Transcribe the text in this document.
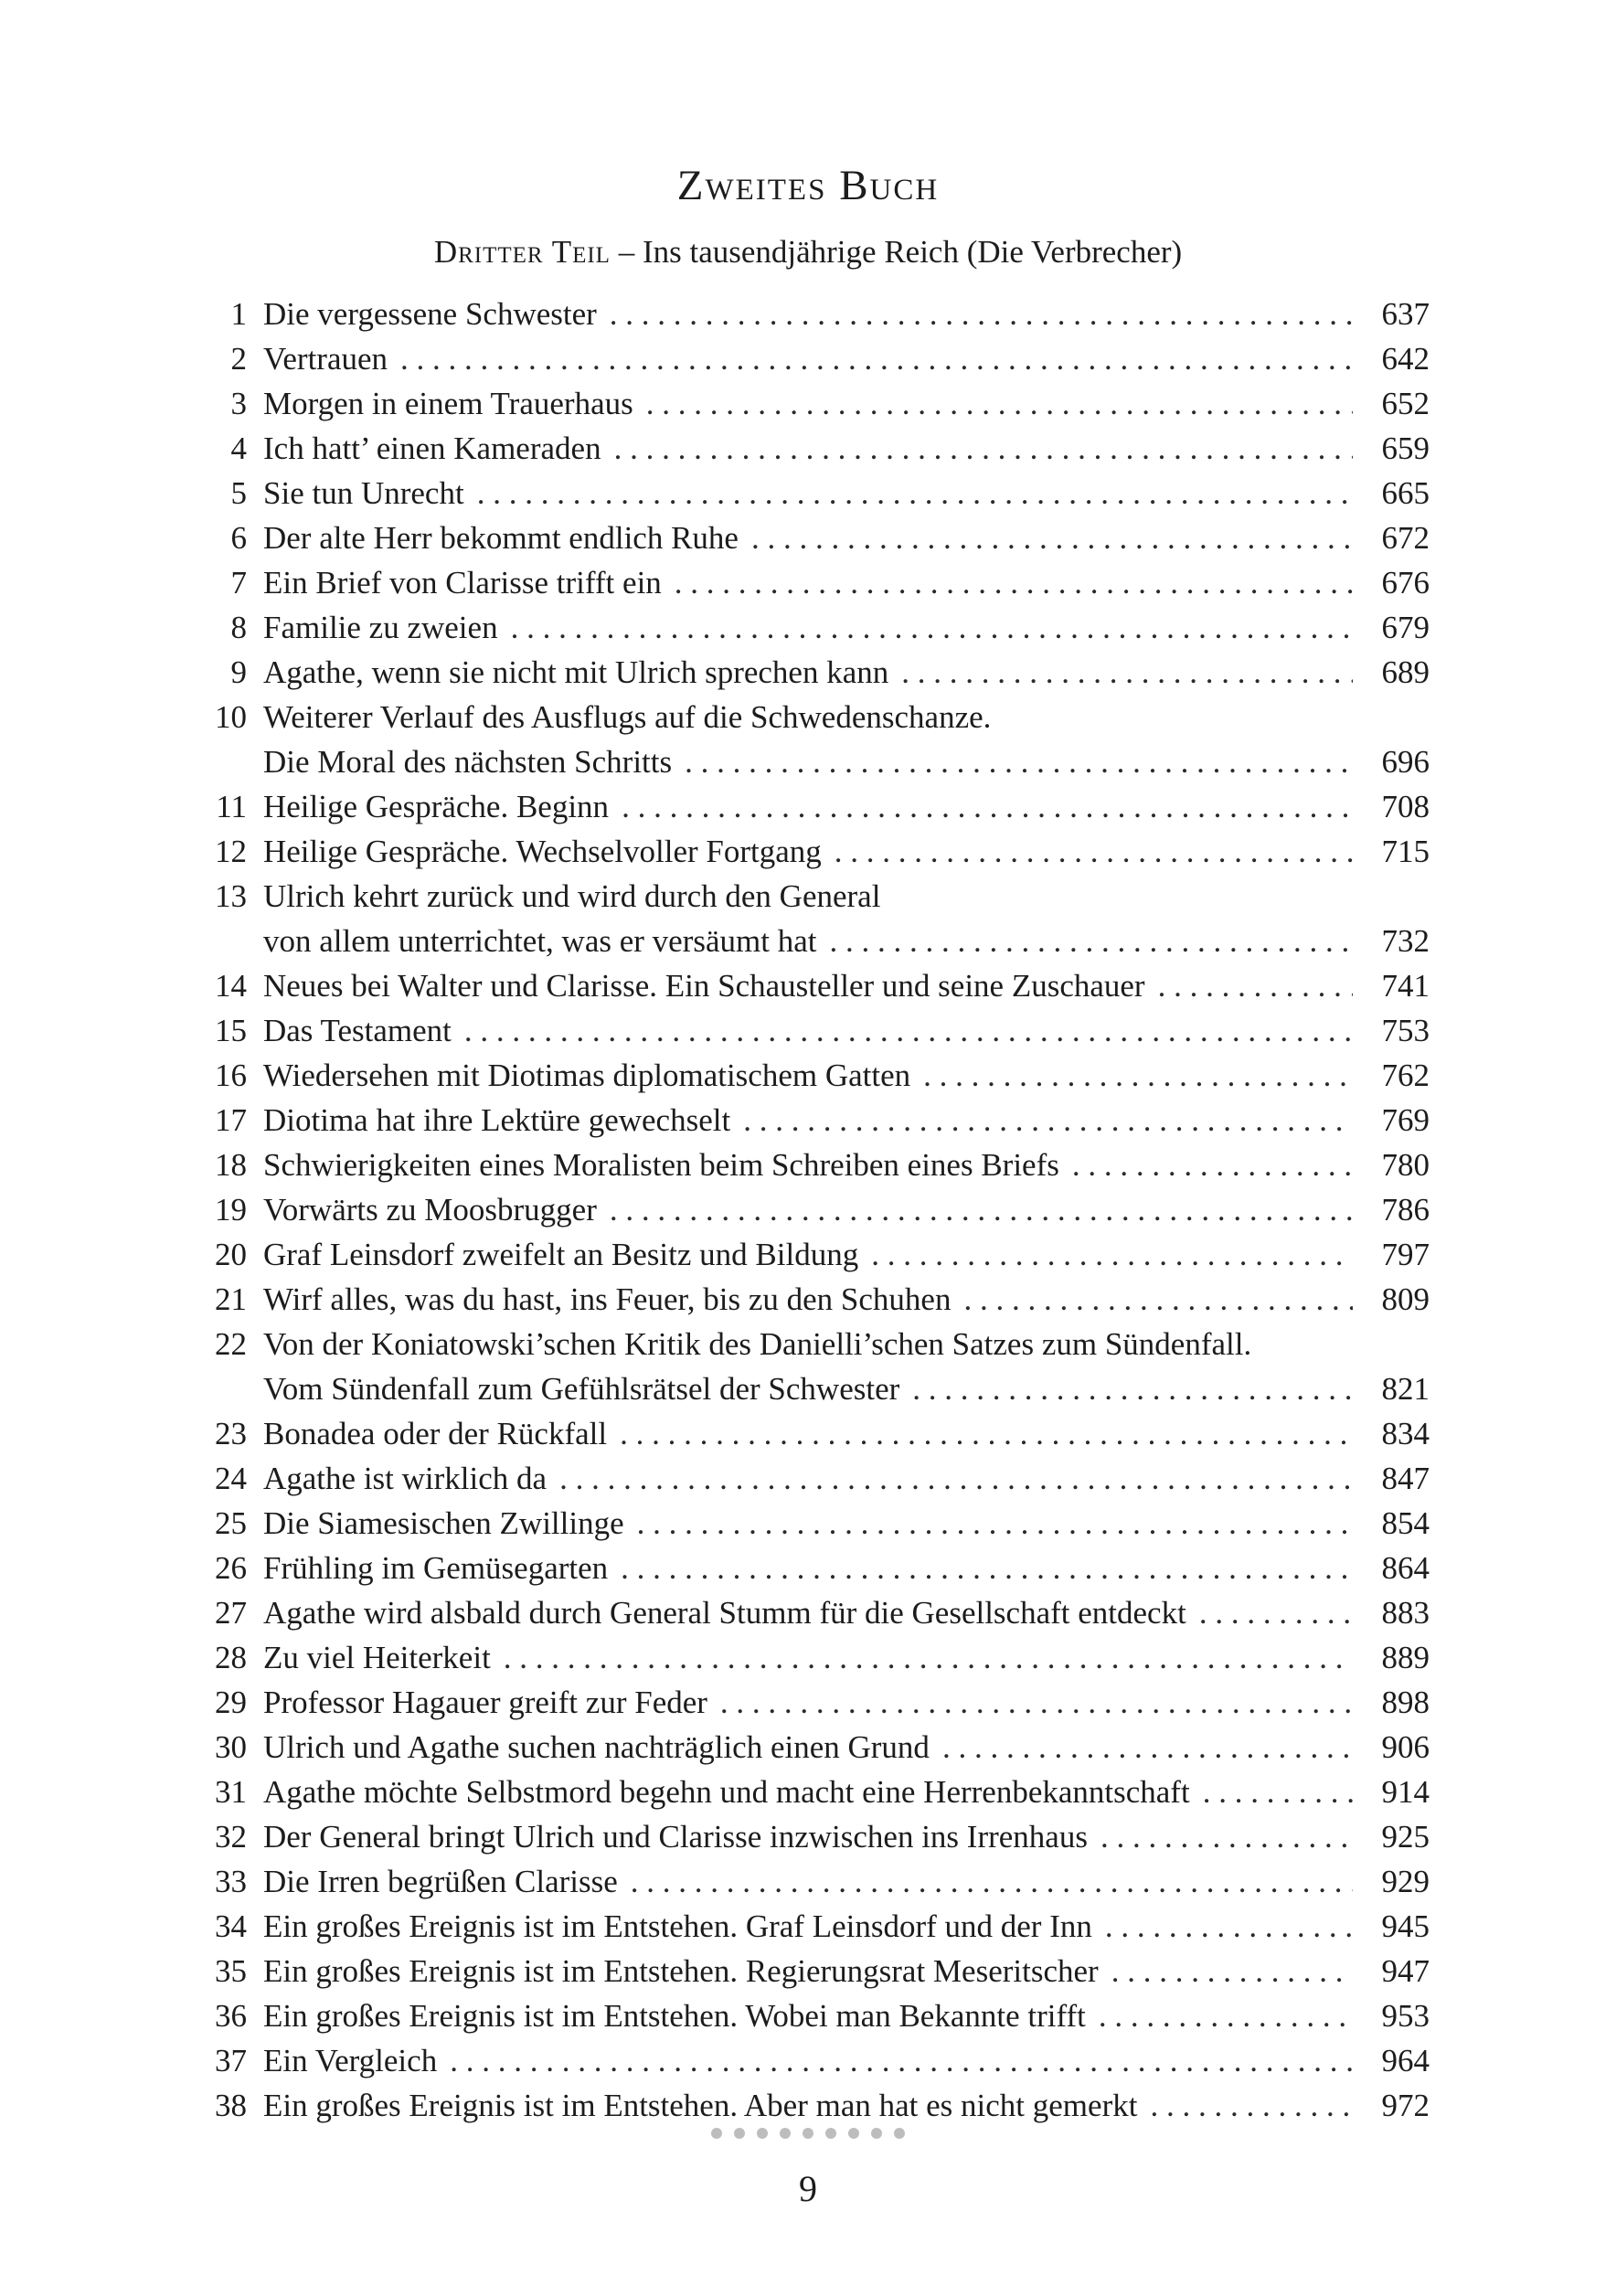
Zweites Buch
Dritter Teil – Ins tausendjährige Reich (Die Verbrecher)
1 Die vergessene Schwester . . .	637
2 Vertrauen . . .	642
3 Morgen in einem Trauerhaus . . .	652
4 Ich hatt’ einen Kameraden . . .	659
5 Sie tun Unrecht . . .	665
6 Der alte Herr bekommt endlich Ruhe . . .	672
7 Ein Brief von Clarisse trifft ein . . .	676
8 Familie zu zweien . . .	679
9 Agathe, wenn sie nicht mit Ulrich sprechen kann . . .	689
10 Weiterer Verlauf des Ausflugs auf die Schwedenschanze.
Die Moral des nächsten Schritts . . .	696
11 Heilige Gespräche. Beginn . . .	708
12 Heilige Gespräche. Wechselvoller Fortgang . . .	715
13 Ulrich kehrt zurück und wird durch den General
von allem unterrichtet, was er versäumt hat . . .	732
14 Neues bei Walter und Clarisse. Ein Schausteller und seine Zuschauer . . .	741
15 Das Testament . . .	753
16 Wiedersehen mit Diotimas diplomatischem Gatten . . .	762
17 Diotima hat ihre Lektüre gewechselt . . .	769
18 Schwierigkeiten eines Moralisten beim Schreiben eines Briefs . . .	780
19 Vorwärts zu Moosbrugger . . .	786
20 Graf Leinsdorf zweifelt an Besitz und Bildung . . .	797
21 Wirf alles, was du hast, ins Feuer, bis zu den Schuhen . . .	809
22 Von der Koniatowski’schen Kritik des Danielli’schen Satzes zum Sündenfall.
Vom Sündenfall zum Gefühlsrätsel der Schwester . . .	821
23 Bonadea oder der Rückfall . . .	834
24 Agathe ist wirklich da . . .	847
25 Die Siamesischen Zwillinge . . .	854
26 Frühling im Gemüsegarten . . .	864
27 Agathe wird alsbald durch General Stumm für die Gesellschaft entdeckt . . .	883
28 Zu viel Heiterkeit . . .	889
29 Professor Hagauer greift zur Feder . . .	898
30 Ulrich und Agathe suchen nachträglich einen Grund . . .	906
31 Agathe möchte Selbstmord begehn und macht eine Herrenbekanntschaft . . .	914
32 Der General bringt Ulrich und Clarisse inzwischen ins Irrenhaus . . .	925
33 Die Irren begrüßen Clarisse . . .	929
34 Ein großes Ereignis ist im Entstehen. Graf Leinsdorf und der Inn . . .	945
35 Ein großes Ereignis ist im Entstehen. Regierungsrat Meseritscher . . .	947
36 Ein großes Ereignis ist im Entstehen. Wobei man Bekannte trifft . . .	953
37 Ein Vergleich . . .	964
38 Ein großes Ereignis ist im Entstehen. Aber man hat es nicht gemerkt . . .	972
9
